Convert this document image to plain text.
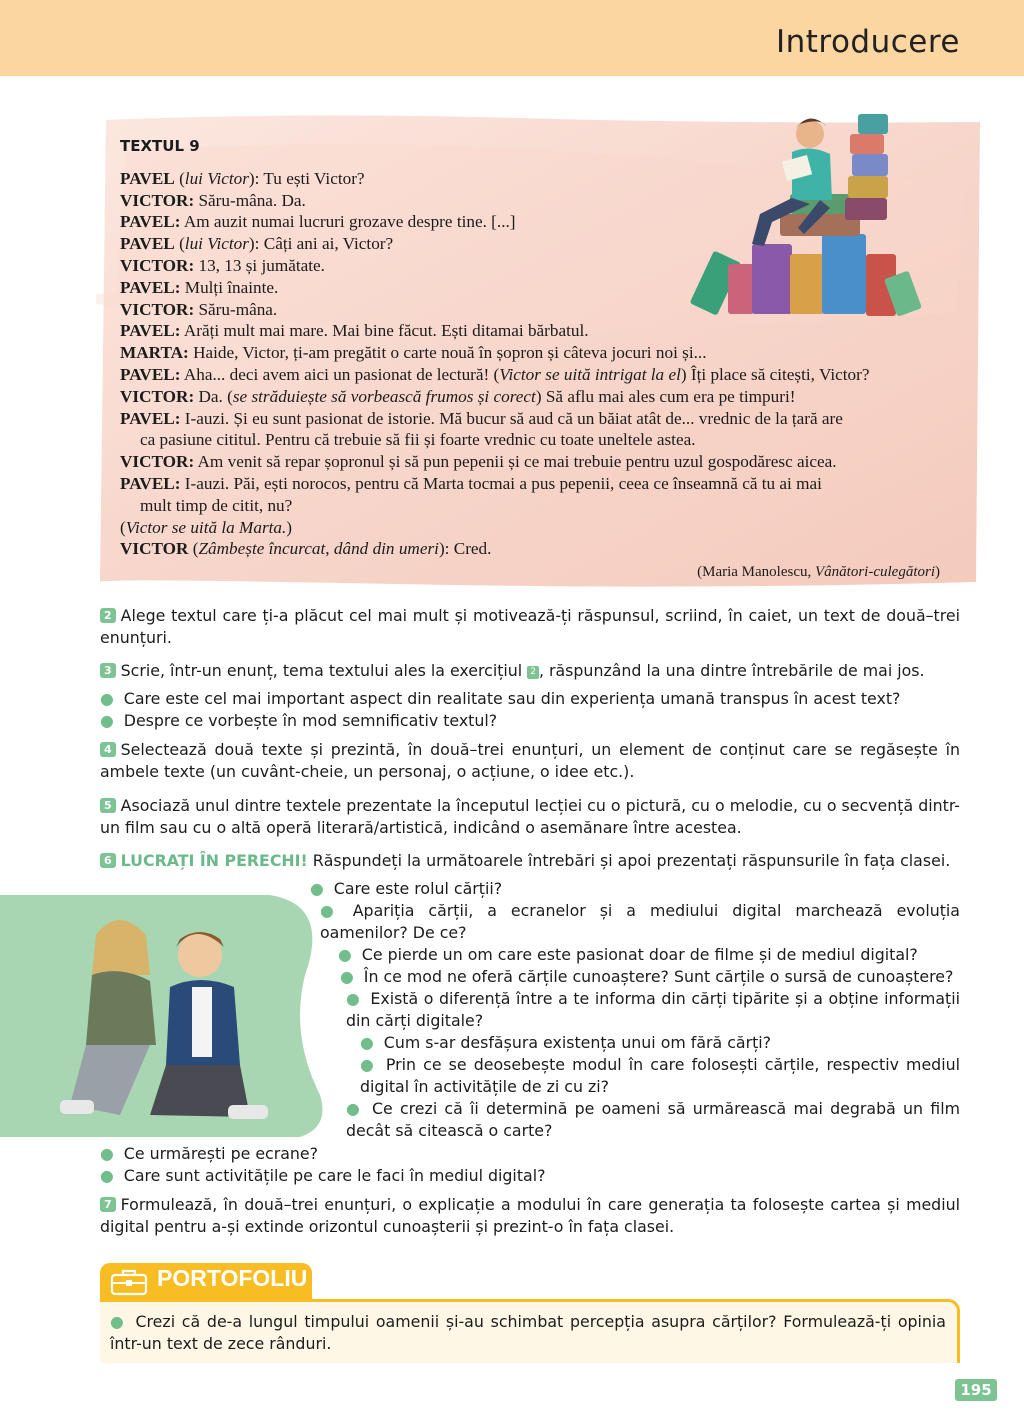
Introducere
TEXTUL 9

PAVEL (lui Victor): Tu ești Victor?

VICTOR: Săru-mâna. Da.

PAVEL: Am auzit numai lucruri grozave despre tine. [...]

PAVEL (lui Victor): Câți ani ai, Victor?

VICTOR: 13, 13 și jumătate.

PAVEL: Mulți înainte.

VICTOR: Săru-mâna.

PAVEL: Arăți mult mai mare. Mai bine făcut. Ești ditamai bărbatul.

MARTA: Haide, Victor, ți-am pregătit o carte nouă în șopron și câteva jocuri noi și...

PAVEL: Aha... deci avem aici un pasionat de lectură! (Victor se uită intrigat la el) Îți place să citești, Victor?

VICTOR: Da. (se străduiește să vorbească frumos și corect) Să aflu mai ales cum era pe timpuri!

PAVEL: I-auzi. Și eu sunt pasionat de istorie. Mă bucur să aud că un băiat atât de... vrednic de la țară are

ca pasiune cititul. Pentru că trebuie să fii și foarte vrednic cu toate uneltele astea.

VICTOR: Am venit să repar șopronul și să pun pepenii și ce mai trebuie pentru uzul gospodăresc aicea.

PAVEL: I-auzi. Păi, ești norocos, pentru că Marta tocmai a pus pepenii, ceea ce înseamnă că tu ai mai

mult timp de citit, nu?

(Victor se uită la Marta.)

VICTOR (Zâmbește încurcat, dând din umeri): Cred.

(Maria Manolescu, Vânători-culegători)
2 Alege textul care ți-a plăcut cel mai mult și motivează-ți răspunsul, scriind, în caiet, un text de două–trei enunțuri.
3 Scrie, într-un enunț, tema textului ales la exercițiul 2 , răspunzând la una dintre întrebările de mai jos.
● Care este cel mai important aspect din realitate sau din experiența umană transpus în acest text?
● Despre ce vorbește în mod semnificativ textul?
4 Selectează două texte și prezintă, în două–trei enunțuri, un element de conținut care se regăsește în ambele texte (un cuvânt-cheie, un personaj, o acțiune, o idee etc.).
5 Asociază unul dintre textele prezentate la începutul lecției cu o pictură, cu o melodie, cu o secvență dintr-un film sau cu o altă operă literară/artistică, indicând o asemănare între acestea.
6 LUCRAȚI ÎN PERECHI! Răspundeți la următoarele întrebări și apoi prezentați răspunsurile în fața clasei.
● Care este rolul cărții?
● Apariția cărții, a ecranelor și a mediului digital marchează evoluția oamenilor? De ce?
● Ce pierde un om care este pasionat doar de filme și de mediul digital?
● În ce mod ne oferă cărțile cunoaștere? Sunt cărțile o sursă de cunoaștere?
● Există o diferență între a te informa din cărți tipărite și a obține informații din cărți digitale?
● Cum s-ar desfășura existența unui om fără cărți?
● Prin ce se deosebește modul în care folosești cărțile, respectiv mediul digital în activitățile de zi cu zi?
● Ce crezi că îi determină pe oameni să urmărească mai degrabă un film decât să citească o carte?
● Ce urmărești pe ecrane?
● Care sunt activitățile pe care le faci în mediul digital?
7 Formulează, în două–trei enunțuri, o explicație a modului în care generația ta folosește cartea și mediul digital pentru a-și extinde orizontul cunoașterii și prezint-o în fața clasei.
PORTOFOLIU
● Crezi că de-a lungul timpului oamenii și-au schimbat percepția asupra cărților? Formulează-ți opinia într-un text de zece rânduri.
195
